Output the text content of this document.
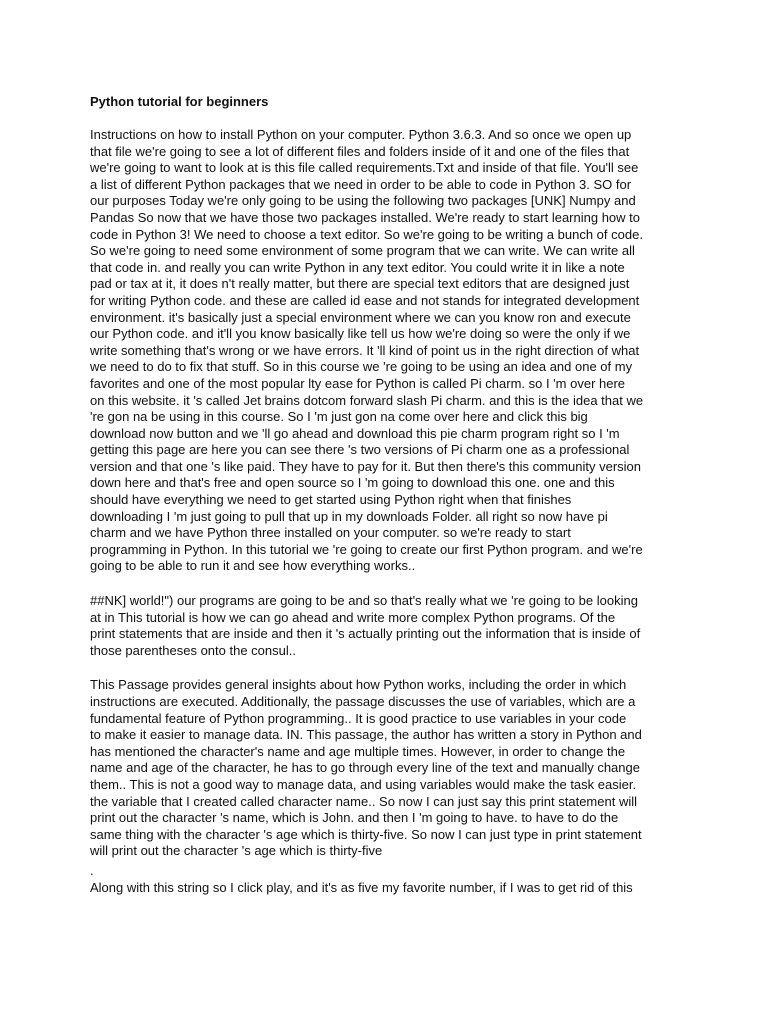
Python tutorial for beginners
Instructions on how to install Python on your computer. Python 3.6.3. And so once we open up
that file we're going to see a lot of different files and folders inside of it and one of the files that
we're going to want to look at is this file called requirements.Txt and inside of that file. You'll see
a list of different Python packages that we need in order to be able to code in Python 3. SO for
our purposes Today we're only going to be using the following two packages [UNK] Numpy and
Pandas So now that we have those two packages installed. We're ready to start learning how to
code in Python 3! We need to choose a text editor. So we're going to be writing a bunch of code.
So we're going to need some environment of some program that we can write. We can write all
that code in. and really you can write Python in any text editor. You could write it in like a note
pad or tax at it, it does n't really matter, but there are special text editors that are designed just
for writing Python code. and these are called id ease and not stands for integrated development
environment. it's basically just a special environment where we can you know ron and execute
our Python code. and it'll you know basically like tell us how we're doing so were the only if we
write something that's wrong or we have errors. It 'll kind of point us in the right direction of what
we need to do to fix that stuff. So in this course we 're going to be using an idea and one of my
favorites and one of the most popular lty ease for Python is called Pi charm. so I 'm over here
on this website. it 's called Jet brains dotcom forward slash Pi charm. and this is the idea that we
're gon na be using in this course. So I 'm just gon na come over here and click this big
download now button and we 'll go ahead and download this pie charm program right so I 'm
getting this page are here you can see there 's two versions of Pi charm one as a professional
version and that one 's like paid. They have to pay for it. But then there's this community version
down here and that's free and open source so I 'm going to download this one. one and this
should have everything we need to get started using Python right when that finishes
downloading I 'm just going to pull that up in my downloads Folder. all right so now have pi
charm and we have Python three installed on your computer. so we're ready to start
programming in Python. In this tutorial we 're going to create our first Python program. and we're
going to be able to run it and see how everything works..
##NK] world!") our programs are going to be and so that's really what we 're going to be looking
at in This tutorial is how we can go ahead and write more complex Python programs. Of the
print statements that are inside and then it 's actually printing out the information that is inside of
those parentheses onto the consul..
This Passage provides general insights about how Python works, including the order in which
instructions are executed. Additionally, the passage discusses the use of variables, which are a
fundamental feature of Python programming.. It is good practice to use variables in your code
to make it easier to manage data. IN. This passage, the author has written a story in Python and
has mentioned the character's name and age multiple times. However, in order to change the
name and age of the character, he has to go through every line of the text and manually change
them.. This is not a good way to manage data, and using variables would make the task easier.
the variable that I created called character name.. So now I can just say this print statement will
print out the character 's name, which is John. and then I 'm going to have. to have to do the
same thing with the character 's age which is thirty-five. So now I can just type in print statement
will print out the character 's age which is thirty-five
.
Along with this string so I click play, and it's as five my favorite number, if I was to get rid of this
